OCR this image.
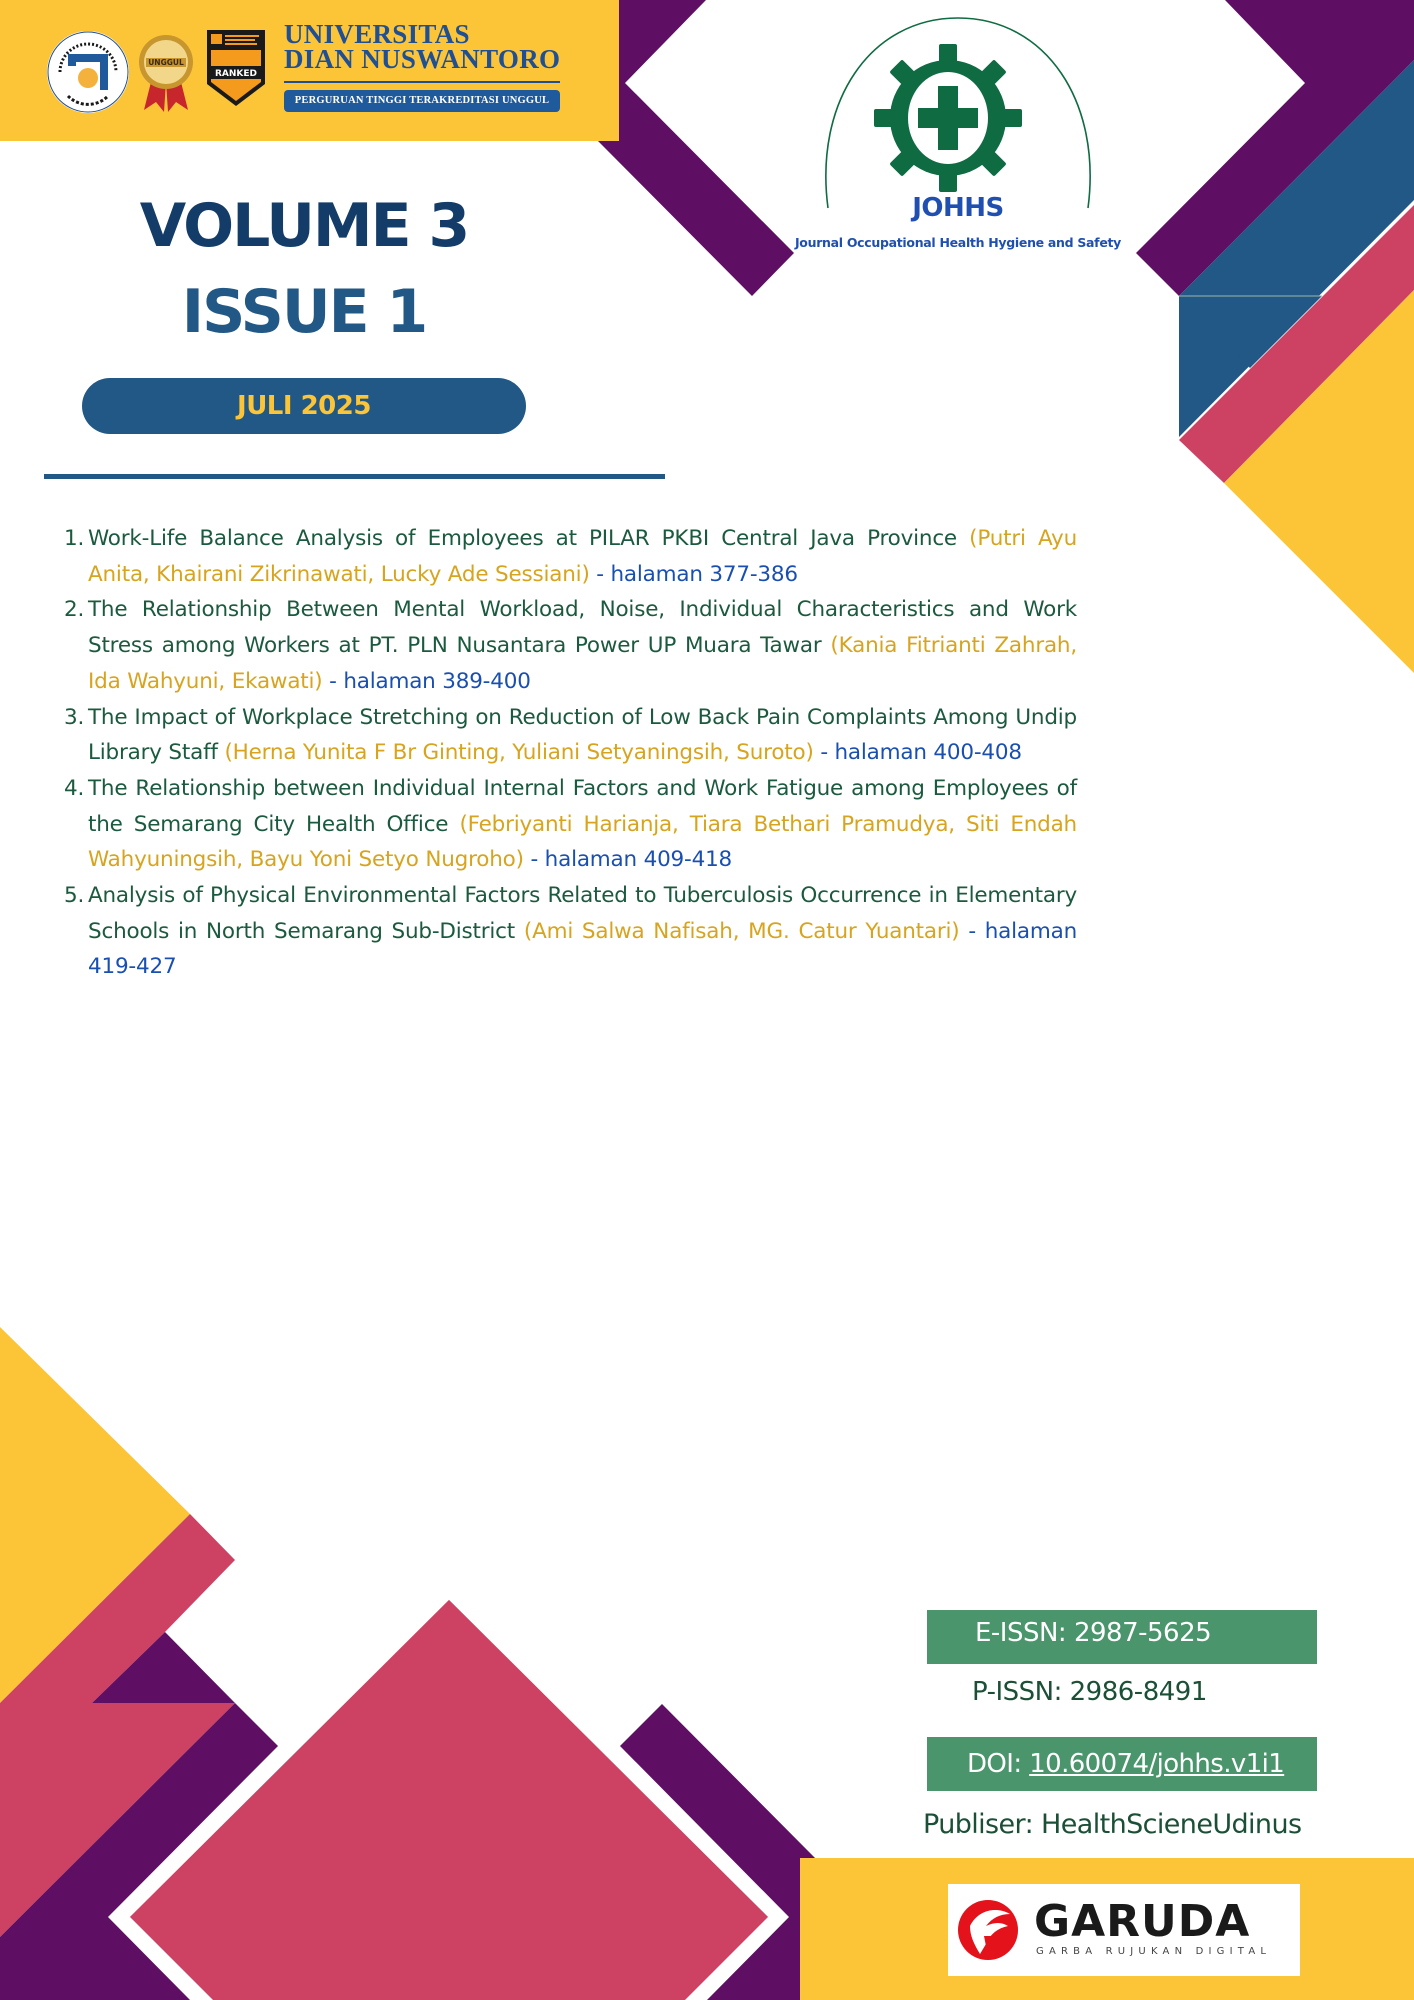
UNGGUL
RANKED
UNIVERSITAS
DIAN NUSWANTORO
PERGURUAN TINGGI TERAKREDITASI UNGGUL
VOLUME 3
ISSUE 1
JULI 2025
JOHHS
Journal Occupational Health Hygiene and Safety
1. Work-Life Balance Analysis of Employees at PILAR PKBI Central Java Province (Putri Ayu Anita, Khairani Zikrinawati, Lucky Ade Sessiani) - halaman 377-386
2. The Relationship Between Mental Workload, Noise, Individual Characteristics and Work Stress among Workers at PT. PLN Nusantara Power UP Muara Tawar (Kania Fitrianti Zahrah, Ida Wahyuni, Ekawati) - halaman 389-400
3. The Impact of Workplace Stretching on Reduction of Low Back Pain Complaints Among Undip Library Staff (Herna Yunita F Br Ginting, Yuliani Setyaningsih, Suroto) - halaman 400-408
4. The Relationship between Individual Internal Factors and Work Fatigue among Employees of the Semarang City Health Office (Febriyanti Harianja, Tiara Bethari Pramudya, Siti Endah Wahyuningsih, Bayu Yoni Setyo Nugroho) - halaman 409-418
5. Analysis of Physical Environmental Factors Related to Tuberculosis Occurrence in Elementary Schools in North Semarang Sub-District (Ami Salwa Nafisah, MG. Catur Yuantari) - halaman 419-427
E-ISSN: 2987-5625
P-ISSN: 2986-8491
DOI: 10.60074/johhs.v1i1
Publiser: HealthScieneUdinus
GARUDA
GARBA RUJUKAN DIGITAL
